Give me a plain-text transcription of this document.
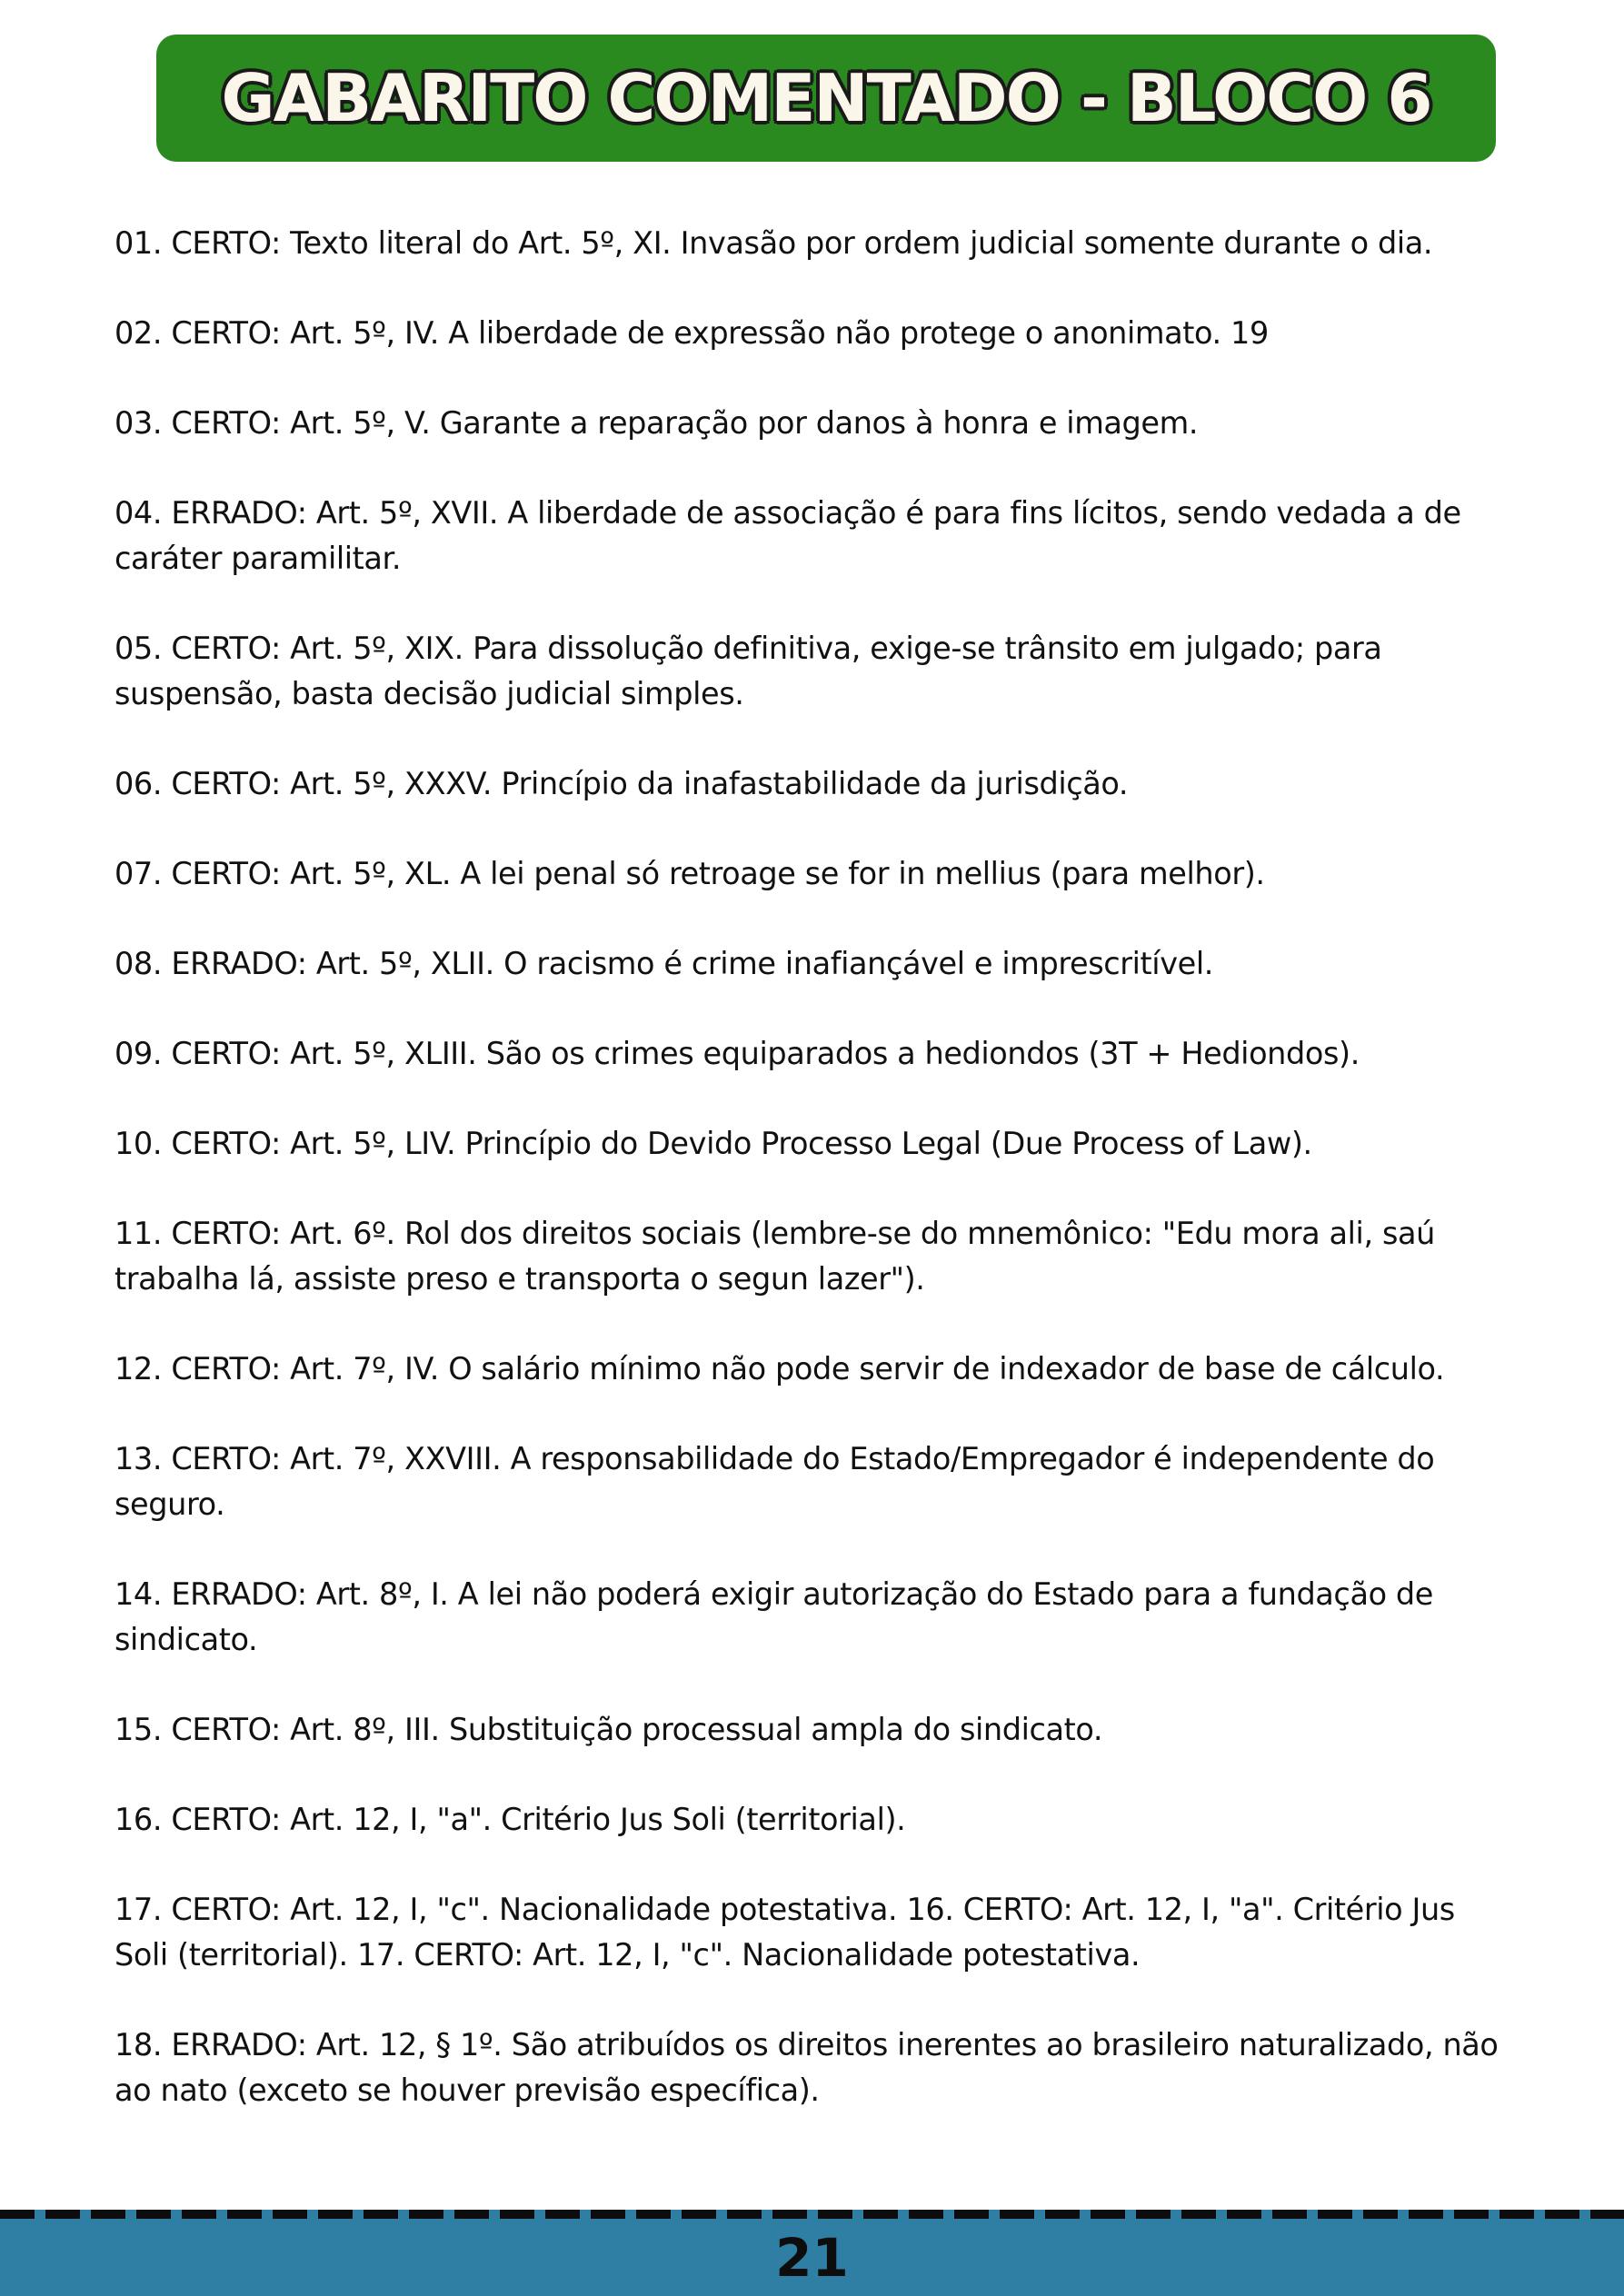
GABARITO COMENTADO - BLOCO 6
01. CERTO: Texto literal do Art. 5º, XI. Invasão por ordem judicial somente durante o dia.
02. CERTO: Art. 5º, IV. A liberdade de expressão não protege o anonimato. 19
03. CERTO: Art. 5º, V. Garante a reparação por danos à honra e imagem.
04. ERRADO: Art. 5º, XVII. A liberdade de associação é para fins lícitos, sendo vedada a de caráter paramilitar.
05. CERTO: Art. 5º, XIX. Para dissolução definitiva, exige-se trânsito em julgado; para suspensão, basta decisão judicial simples.
06. CERTO: Art. 5º, XXXV. Princípio da inafastabilidade da jurisdição.
07. CERTO: Art. 5º, XL. A lei penal só retroage se for in mellius (para melhor).
08. ERRADO: Art. 5º, XLII. O racismo é crime inafiançável e imprescritível.
09. CERTO: Art. 5º, XLIII. São os crimes equiparados a hediondos (3T + Hediondos).
10. CERTO: Art. 5º, LIV. Princípio do Devido Processo Legal (Due Process of Law).
11. CERTO: Art. 6º. Rol dos direitos sociais (lembre-se do mnemônico: "Edu mora ali, saú trabalha lá, assiste preso e transporta o segun lazer").
12. CERTO: Art. 7º, IV. O salário mínimo não pode servir de indexador de base de cálculo.
13. CERTO: Art. 7º, XXVIII. A responsabilidade do Estado/Empregador é independente do seguro.
14. ERRADO: Art. 8º, I. A lei não poderá exigir autorização do Estado para a fundação de sindicato.
15. CERTO: Art. 8º, III. Substituição processual ampla do sindicato.
16. CERTO: Art. 12, I, "a". Critério Jus Soli (territorial).
17. CERTO: Art. 12, I, "c". Nacionalidade potestativa. 16. CERTO: Art. 12, I, "a". Critério Jus Soli (territorial). 17. CERTO: Art. 12, I, "c". Nacionalidade potestativa.
18. ERRADO: Art. 12, § 1º. São atribuídos os direitos inerentes ao brasileiro naturalizado, não ao nato (exceto se houver previsão específica).
21
